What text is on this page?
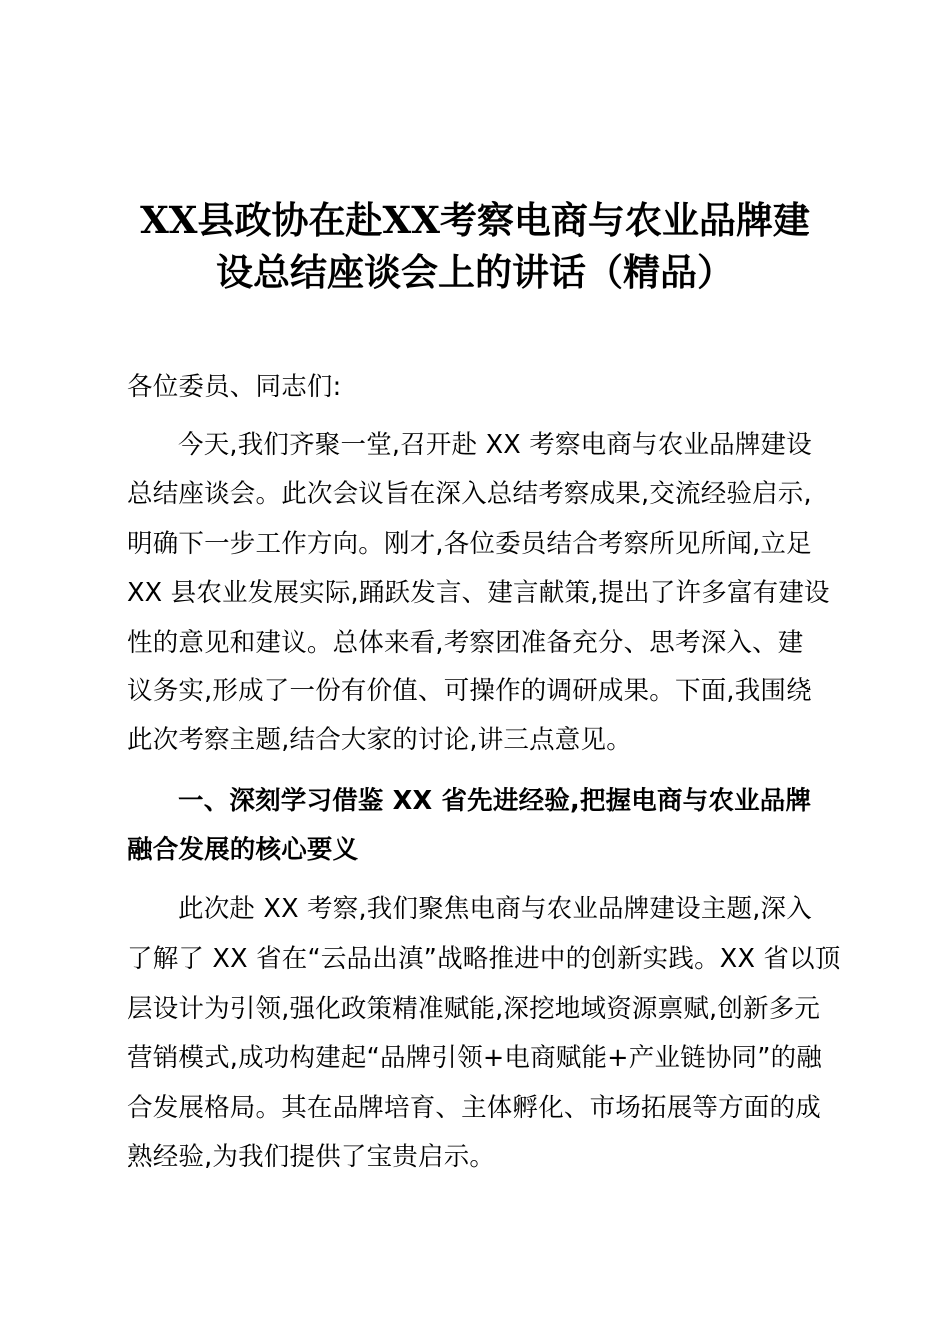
XX县政协在赴XX考察电商与农业品牌建
设总结座谈会上的讲话（精品）
各位委员、同志们:
今天,我们齐聚一堂,召开赴 XX 考察电商与农业品牌建设
总结座谈会。此次会议旨在深入总结考察成果,交流经验启示,
明确下一步工作方向。刚才,各位委员结合考察所见所闻,立足
XX 县农业发展实际,踊跃发言、建言献策,提出了许多富有建设
性的意见和建议。总体来看,考察团准备充分、思考深入、建
议务实,形成了一份有价值、可操作的调研成果。下面,我围绕
此次考察主题,结合大家的讨论,讲三点意见。
一、深刻学习借鉴 XX 省先进经验,把握电商与农业品牌
融合发展的核心要义
此次赴 XX 考察,我们聚焦电商与农业品牌建设主题,深入
了解了 XX 省在“云品出滇”战略推进中的创新实践。XX 省以顶
层设计为引领,强化政策精准赋能,深挖地域资源禀赋,创新多元
营销模式,成功构建起“品牌引领+电商赋能+产业链协同”的融
合发展格局。其在品牌培育、主体孵化、市场拓展等方面的成
熟经验,为我们提供了宝贵启示。
